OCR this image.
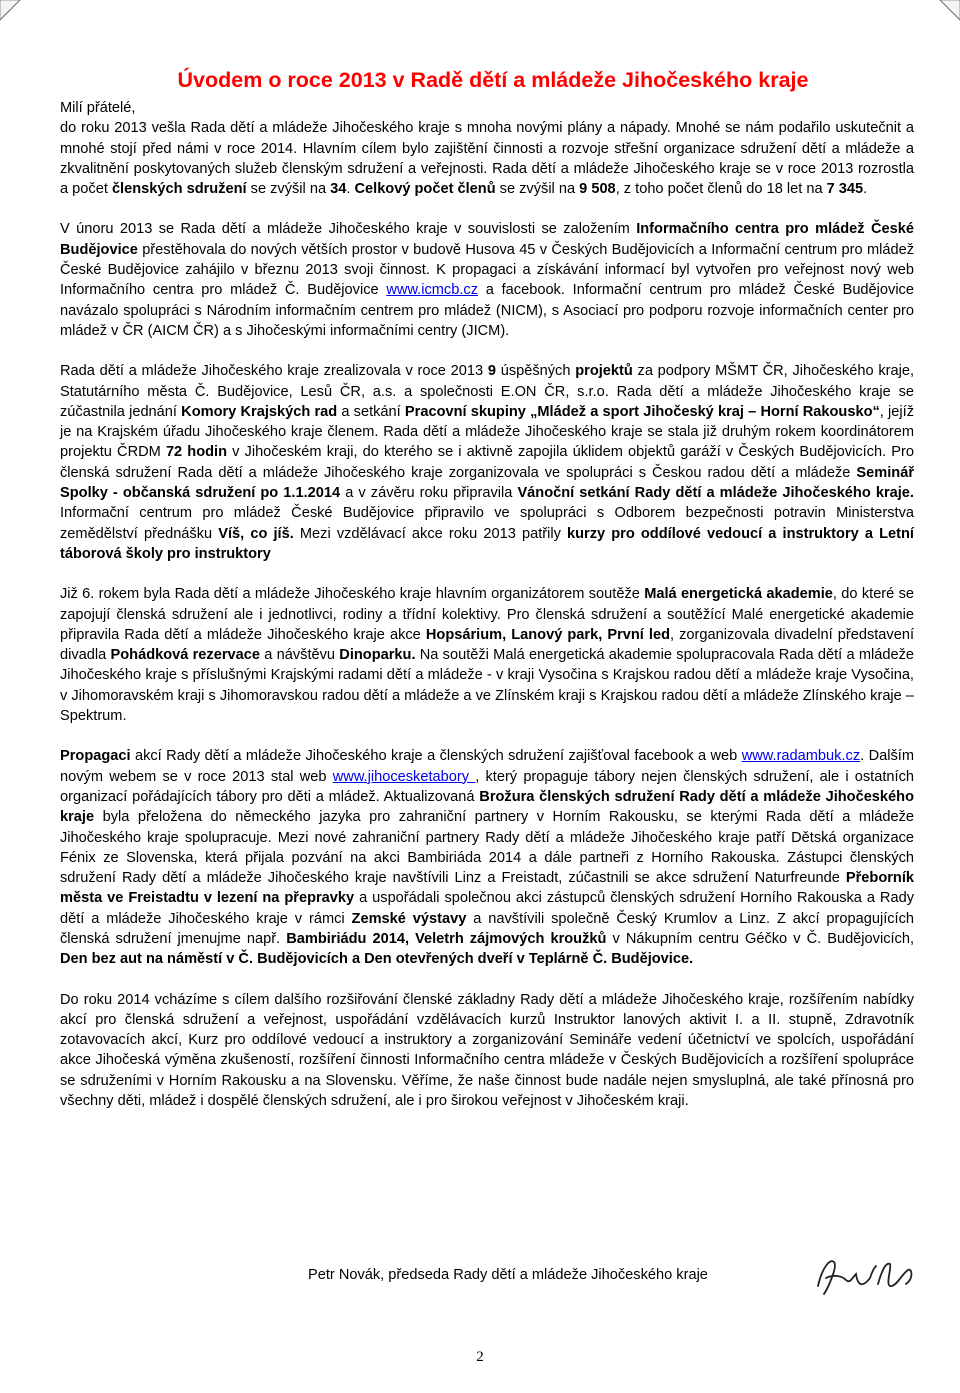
Úvodem o roce 2013 v Radě dětí a mládeže Jihočeského kraje

Milí přátelé,

do roku 2013 vešla Rada dětí a mládeže Jihočeského kraje s mnoha novými plány a nápady. Mnohé se nám podařilo uskutečnit a mnohé stojí před námi v roce 2014. Hlavním cílem bylo zajištění činnosti a rozvoje střešní organizace sdružení dětí a mládeže a zkvalitnění poskytovaných služeb členským sdružení a veřejnosti. Rada dětí a mládeže Jihočeského kraje se v roce 2013 rozrostla a počet členských sdružení se zvýšil na 34. Celkový počet členů se zvýšil na 9 508, z toho počet členů do 18 let na 7 345.

V únoru 2013 se Rada dětí a mládeže Jihočeského kraje v souvislosti se založením Informačního centra pro mládež České Budějovice přestěhovala do nových větších prostor v budově Husova 45 v Českých Budějovicích a Informační centrum pro mládež České Budějovice zahájilo v březnu 2013 svoji činnost. K propagaci a získávání informací byl vytvořen pro veřejnost nový web Informačního centra pro mládež Č. Budějovice www.icmcb.cz a facebook. Informační centrum pro mládež České Budějovice navázalo spolupráci s Národním informačním centrem pro mládež (NICM), s Asociací pro podporu rozvoje informačních center pro mládež v ČR (AICM ČR) a s Jihočeskými informačními centry (JICM).

Rada dětí a mládeže Jihočeského kraje zrealizovala v roce 2013 9 úspěšných projektů za podpory MŠMT ČR, Jihočeského kraje, Statutárního města Č. Budějovice, Lesů ČR, a.s. a společnosti E.ON ČR, s.r.o. Rada dětí a mládeže Jihočeského kraje se zúčastnila jednání Komory Krajských rad a setkání Pracovní skupiny „Mládež a sport Jihočeský kraj – Horní Rakousko“, jejíž je na Krajském úřadu Jihočeského kraje členem. Rada dětí a mládeže Jihočeského kraje se stala již druhým rokem koordinátorem projektu ČRDM 72 hodin v Jihočeském kraji, do kterého se i aktivně zapojila úklidem objektů garáží v Českých Budějovicích. Pro členská sdružení Rada dětí a mládeže Jihočeského kraje zorganizovala ve spolupráci s Českou radou dětí a mládeže Seminář Spolky - občanská sdružení po 1.1.2014 a v závěru roku připravila Vánoční setkání Rady dětí a mládeže Jihočeského kraje. Informační centrum pro mládež České Budějovice připravilo ve spolupráci s Odborem bezpečnosti potravin Ministerstva zemědělství přednášku Víš, co jíš. Mezi vzdělávací akce roku 2013 patřily kurzy pro oddílové vedoucí a instruktory a Letní táborová školy pro instruktory

Již 6. rokem byla Rada dětí a mládeže Jihočeského kraje hlavním organizátorem soutěže Malá energetická akademie, do které se zapojují členská sdružení ale i jednotlivci, rodiny a třídní kolektivy. Pro členská sdružení a soutěžící Malé energetické akademie připravila Rada dětí a mládeže Jihočeského kraje akce Hopsárium, Lanový park, První led, zorganizovala divadelní představení divadla Pohádková rezervace a návštěvu Dinoparku. Na soutěži Malá energetická akademie spolupracovala Rada dětí a mládeže Jihočeského kraje s příslušnými Krajskými radami dětí a mládeže - v kraji Vysočina s Krajskou radou dětí a mládeže kraje Vysočina, v Jihomoravském kraji s Jihomoravskou radou dětí a mládeže a ve Zlínském kraji s Krajskou radou dětí a mládeže Zlínského kraje – Spektrum.

Propagaci akcí Rady dětí a mládeže Jihočeského kraje a členských sdružení zajišťoval facebook a web www.radambuk.cz. Dalším novým webem se v roce 2013 stal web www.jihocesketabory , který propaguje tábory nejen členských sdružení, ale i ostatních organizací pořádajících tábory pro děti a mládež. Aktualizovaná Brožura členských sdružení Rady dětí a mládeže Jihočeského kraje byla přeložena do německého jazyka pro zahraniční partnery v Horním Rakousku, se kterými Rada dětí a mládeže Jihočeského kraje spolupracuje. Mezi nové zahraniční partnery Rady dětí a mládeže Jihočeského kraje patří Dětská organizace Fénix ze Slovenska, která přijala pozvání na akci Bambiriáda 2014 a dále partneři z Horního Rakouska. Zástupci členských sdružení Rady dětí a mládeže Jihočeského kraje navštívili Linz a Freistadt, zúčastnili se akce sdružení Naturfreunde Přeborník města ve Freistadtu v lezení na přepravky a uspořádali společnou akci zástupců členských sdružení Horního Rakouska a Rady dětí a mládeže Jihočeského kraje v rámci Zemské výstavy a navštívili společně Český Krumlov a Linz. Z akcí propagujících členská sdružení jmenujme např. Bambiriádu 2014, Veletrh zájmových kroužků v Nákupním centru Géčko v Č. Budějovicích, Den bez aut na náměstí v Č. Budějovicích a Den otevřených dveří v Teplárně Č. Budějovice.

Do roku 2014 vcházíme s cílem dalšího rozšiřování členské základny Rady dětí a mládeže Jihočeského kraje, rozšířením nabídky akcí pro členská sdružení a veřejnost, uspořádání vzdělávacích kurzů Instruktor lanových aktivit I. a II. stupně, Zdravotník zotavovacích akcí, Kurz pro oddílové vedoucí a instruktory a zorganizování Semináře vedení účetnictví ve spolcích, uspořádání akce Jihočeská výměna zkušeností, rozšíření činnosti Informačního centra mládeže v Českých Budějovicích a rozšíření spolupráce se sdruženími v Horním Rakousku a na Slovensku. Věříme, že naše činnost bude nadále nejen smysluplná, ale také přínosná pro všechny děti, mládež i dospělé členských sdružení, ale i pro širokou veřejnost v Jihočeském kraji.

Petr Novák, předseda Rady dětí a mládeže Jihočeského kraje
2
